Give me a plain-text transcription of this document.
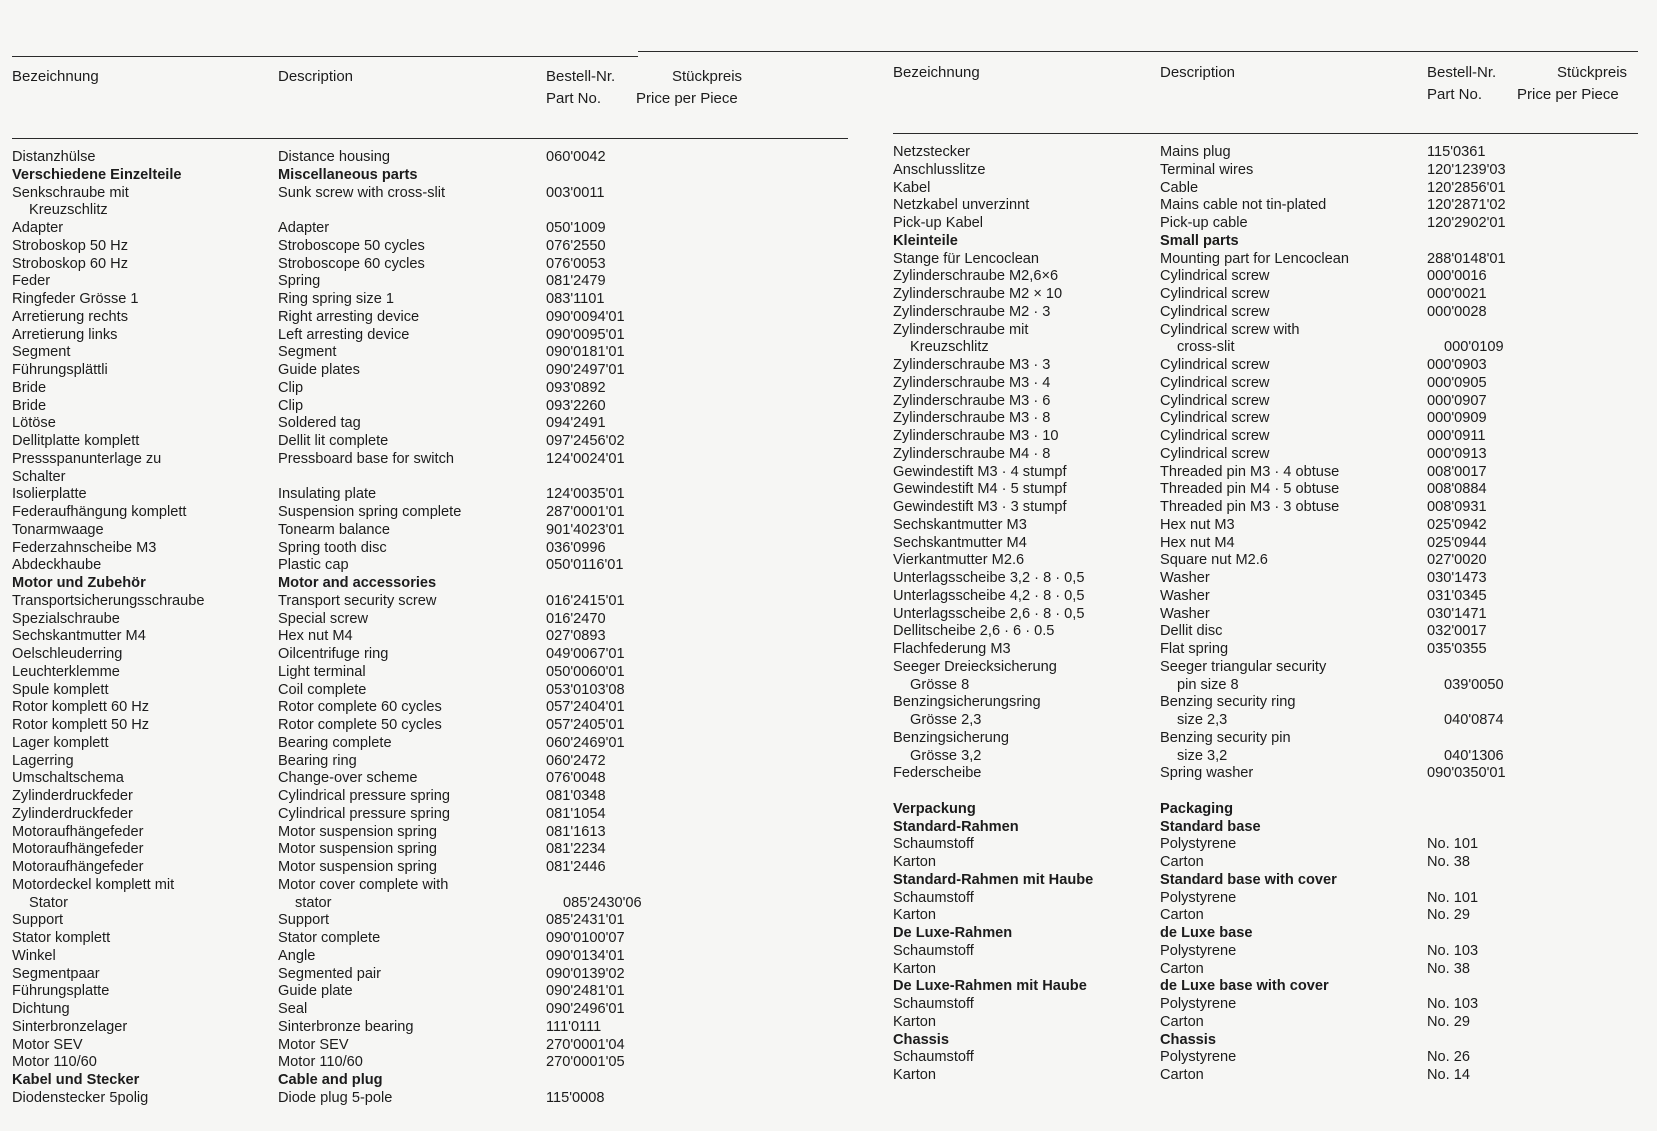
Bezeichnung	Description	Bestell-Nr.
Part No.
Stückpreis
Price per Piece
Distanzhülse	Distance housing	060'0042
Verschiedene Einzelteile	Miscellaneous parts
Senkschraube mit	Sunk screw with cross-slit	003'0011
Kreuzschlitz
Adapter	Adapter	050'1009
Stroboskop 50 Hz	Stroboscope 50 cycles	076'2550
Stroboskop 60 Hz	Stroboscope 60 cycles	076'0053
Feder	Spring	081'2479
Ringfeder Grösse 1	Ring spring size 1	083'1101
Arretierung rechts	Right arresting device	090'0094'01
Arretierung links	Left arresting device	090'0095'01
Segment	Segment	090'0181'01
Führungsplättli	Guide plates	090'2497'01
Bride	Clip	093'0892
Bride	Clip	093'2260
Lötöse	Soldered tag	094'2491
Dellitplatte komplett	Dellit lit complete	097'2456'02
Pressspanunterlage zu	Pressboard base for switch	124'0024'01
Schalter
Isolierplatte	Insulating plate	124'0035'01
Federaufhängung komplett	Suspension spring complete	287'0001'01
Tonarmwaage	Tonearm balance	901'4023'01
Federzahnscheibe M3	Spring tooth disc	036'0996
Abdeckhaube	Plastic cap	050'0116'01
Motor und Zubehör	Motor and accessories
Transportsicherungsschraube	Transport security screw	016'2415'01
Spezialschraube	Special screw	016'2470
Sechskantmutter M4	Hex nut M4	027'0893
Oelschleuderring	Oilcentrifuge ring	049'0067'01
Leuchterklemme	Light terminal	050'0060'01
Spule komplett	Coil complete	053'0103'08
Rotor komplett 60 Hz	Rotor complete 60 cycles	057'2404'01
Rotor komplett 50 Hz	Rotor complete 50 cycles	057'2405'01
Lager komplett	Bearing complete	060'2469'01
Lagerring	Bearing ring	060'2472
Umschaltschema	Change-over scheme	076'0048
Zylinderdruckfeder	Cylindrical pressure spring	081'0348
Zylinderdruckfeder	Cylindrical pressure spring	081'1054
Motoraufhängefeder	Motor suspension spring	081'1613
Motoraufhängefeder	Motor suspension spring	081'2234
Motoraufhängefeder	Motor suspension spring	081'2446
Motordeckel komplett mit	Motor cover complete with
Stator	stator	085'2430'06
Support	Support	085'2431'01
Stator komplett	Stator complete	090'0100'07
Winkel	Angle	090'0134'01
Segmentpaar	Segmented pair	090'0139'02
Führungsplatte	Guide plate	090'2481'01
Dichtung	Seal	090'2496'01
Sinterbronzelager	Sinterbronze bearing	111'0111
Motor SEV	Motor SEV	270'0001'04
Motor 110/60	Motor 110/60	270'0001'05
Kabel und Stecker	Cable and plug
Diodenstecker 5polig	Diode plug 5-pole	115'0008
Bezeichnung	Description	Bestell-Nr.
Part No.
Stückpreis
Price per Piece
Netzstecker	Mains plug	115'0361
Anschlusslitze	Terminal wires	120'1239'03
Kabel	Cable	120'2856'01
Netzkabel unverzinnt	Mains cable not tin-plated	120'2871'02
Pick-up Kabel	Pick-up cable	120'2902'01
Kleinteile	Small parts
Stange für Lencoclean	Mounting part for Lencoclean	288'0148'01
Zylinderschraube M2,6×6	Cylindrical screw	000'0016
Zylinderschraube M2 × 10	Cylindrical screw	000'0021
Zylinderschraube M2 · 3	Cylindrical screw	000'0028
Zylinderschraube mit	Cylindrical screw with
Kreuzschlitz	cross-slit	000'0109
Zylinderschraube M3 · 3	Cylindrical screw	000'0903
Zylinderschraube M3 · 4	Cylindrical screw	000'0905
Zylinderschraube M3 · 6	Cylindrical screw	000'0907
Zylinderschraube M3 · 8	Cylindrical screw	000'0909
Zylinderschraube M3 · 10	Cylindrical screw	000'0911
Zylinderschraube M4 · 8	Cylindrical screw	000'0913
Gewindestift M3 · 4 stumpf	Threaded pin M3 · 4 obtuse	008'0017
Gewindestift M4 · 5 stumpf	Threaded pin M4 · 5 obtuse	008'0884
Gewindestift M3 · 3 stumpf	Threaded pin M3 · 3 obtuse	008'0931
Sechskantmutter M3	Hex nut M3	025'0942
Sechskantmutter M4	Hex nut M4	025'0944
Vierkantmutter M2.6	Square nut M2.6	027'0020
Unterlagsscheibe 3,2 · 8 · 0,5	Washer	030'1473
Unterlagsscheibe 4,2 · 8 · 0,5	Washer	031'0345
Unterlagsscheibe 2,6 · 8 · 0,5	Washer	030'1471
Dellitscheibe 2,6 · 6 · 0.5	Dellit disc	032'0017
Flachfederung M3	Flat spring	035'0355
Seeger Dreiecksicherung	Seeger triangular security
Grösse 8	pin size 8	039'0050
Benzingsicherungsring	Benzing security ring
Grösse 2,3	size 2,3	040'0874
Benzingsicherung	Benzing security pin
Grösse 3,2	size 3,2	040'1306
Federscheibe	Spring washer	090'0350'01
Verpackung	Packaging
Standard-Rahmen	Standard base
Schaumstoff	Polystyrene	No. 101
Karton	Carton	No. 38
Standard-Rahmen mit Haube	Standard base with cover
Schaumstoff	Polystyrene	No. 101
Karton	Carton	No. 29
De Luxe-Rahmen	de Luxe base
Schaumstoff	Polystyrene	No. 103
Karton	Carton	No. 38
De Luxe-Rahmen mit Haube	de Luxe base with cover
Schaumstoff	Polystyrene	No. 103
Karton	Carton	No. 29
Chassis	Chassis
Schaumstoff	Polystyrene	No. 26
Karton	Carton	No. 14
